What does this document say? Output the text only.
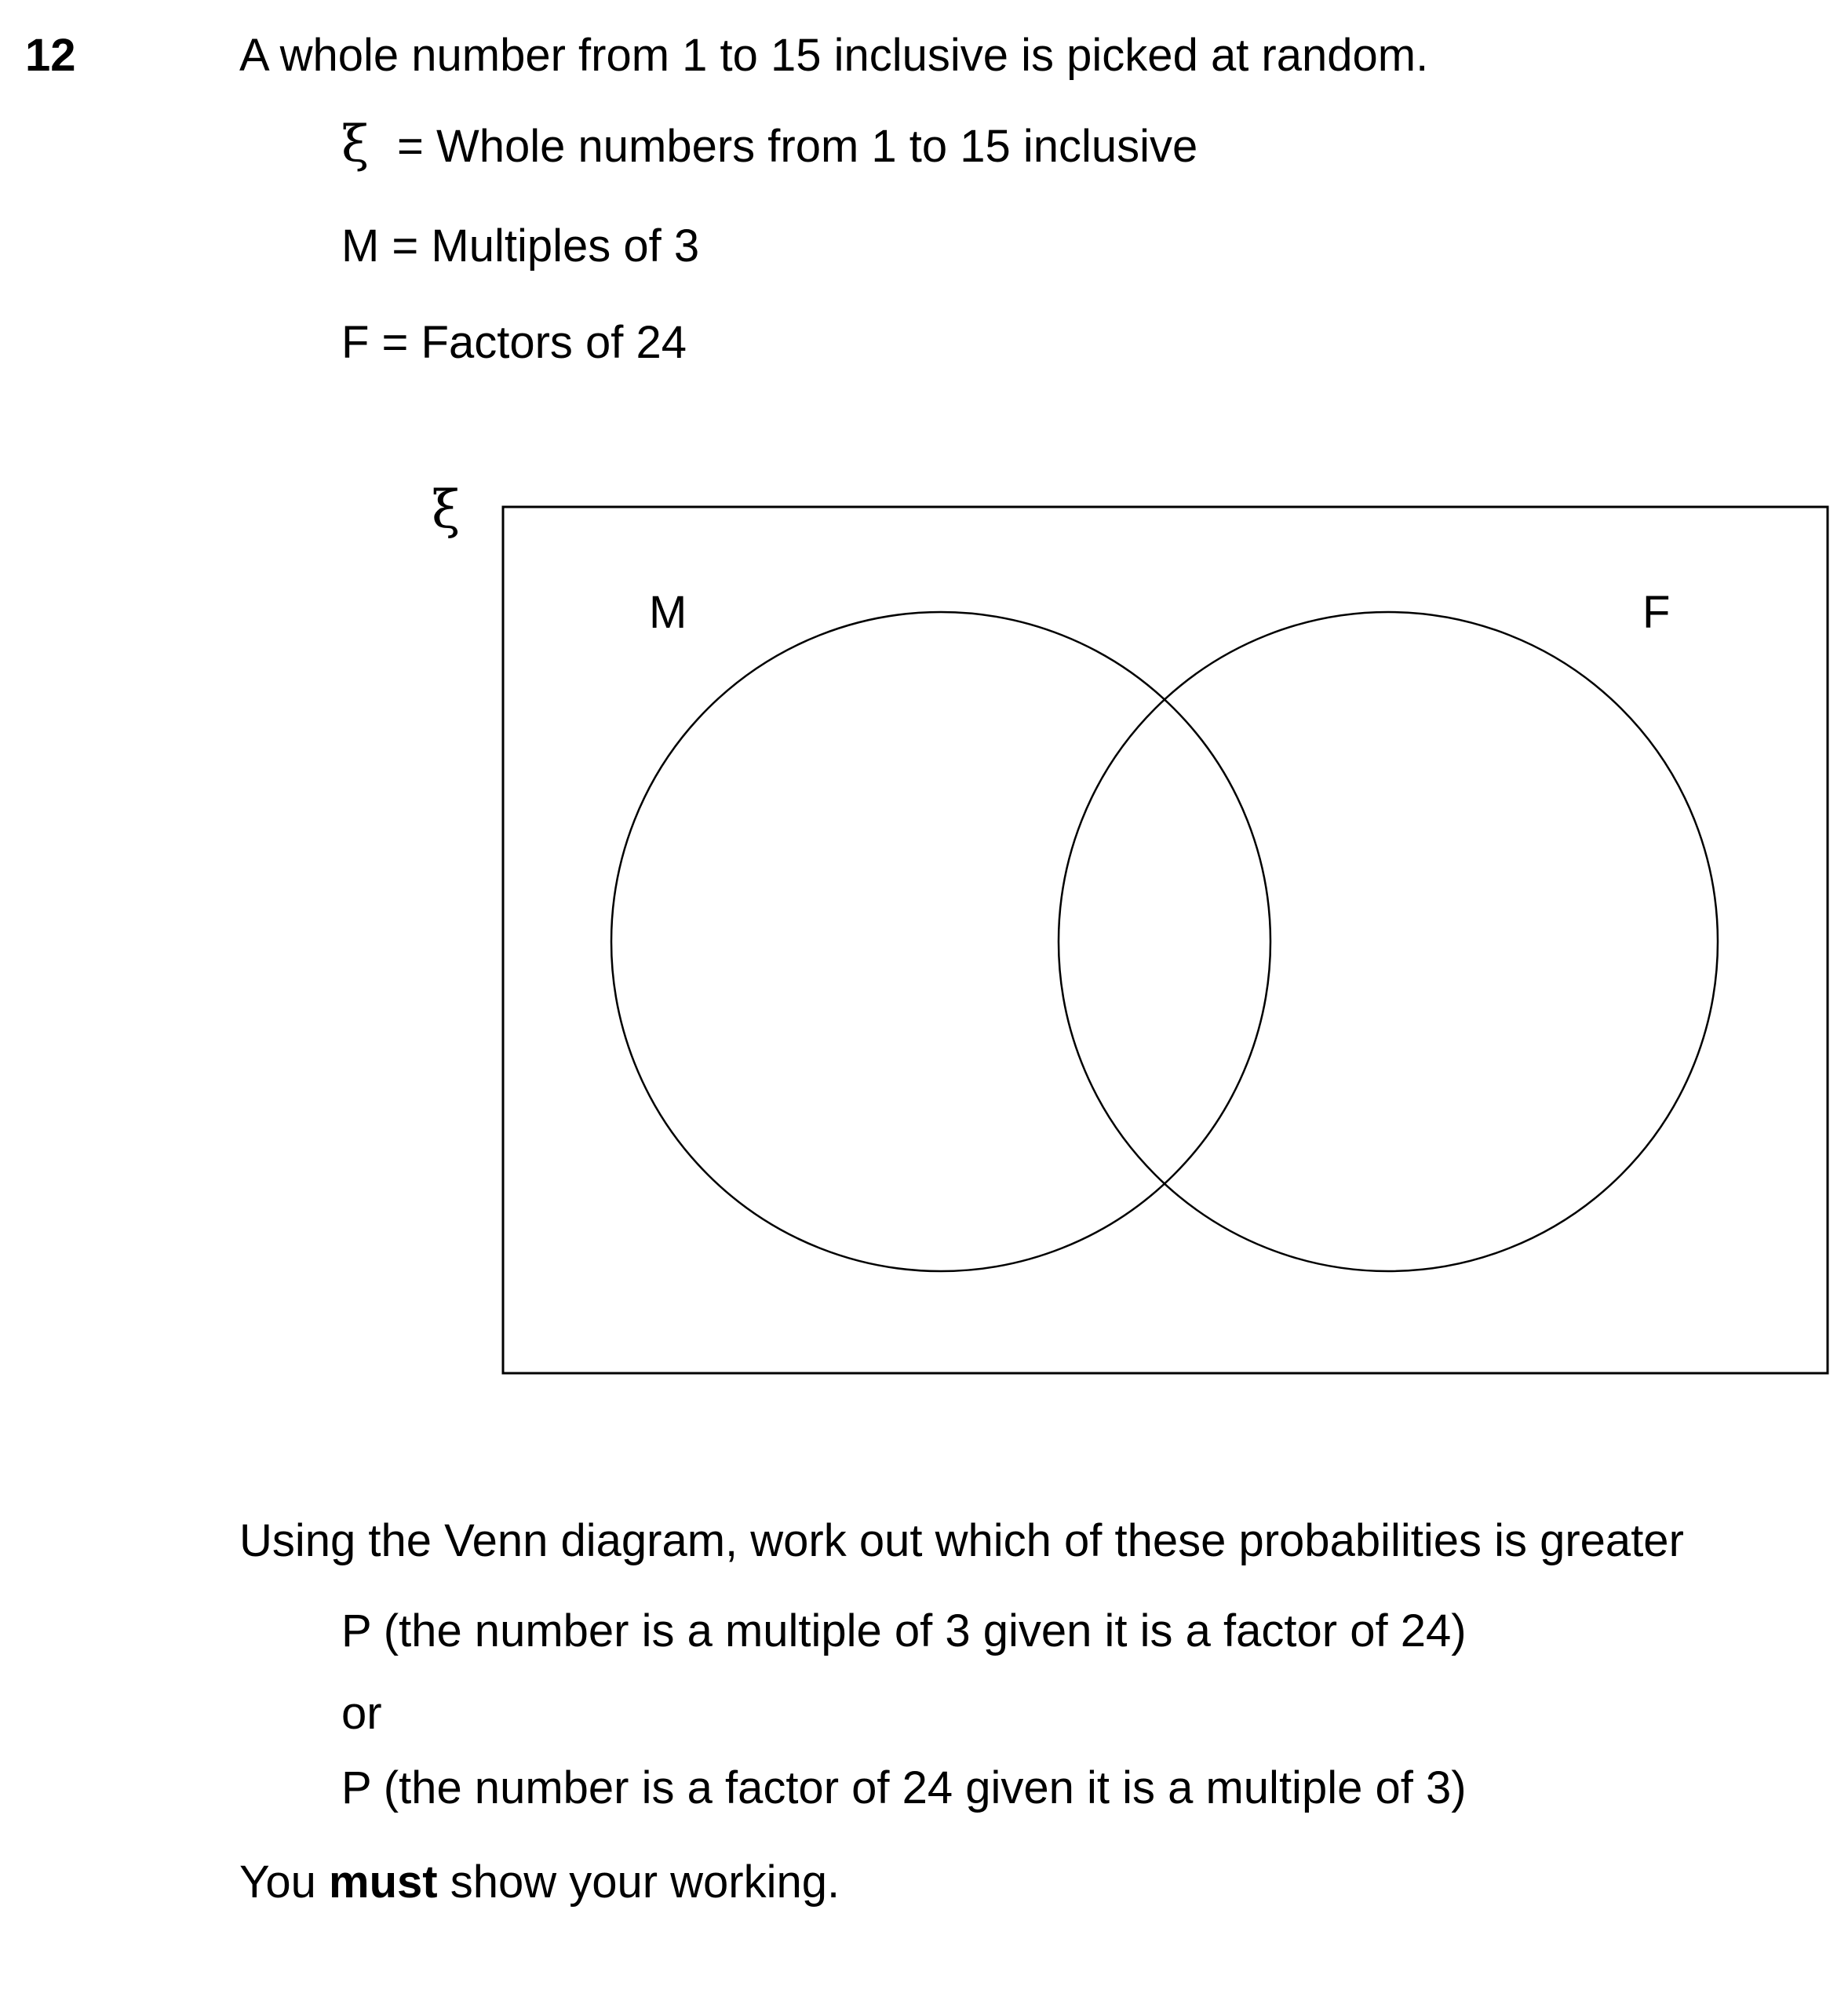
12	A whole number from 1 to 15 inclusive is picked at random.
ξ = Whole numbers from 1 to 15 inclusive
M = Multiples of 3
F = Factors of 24
ξ
M	F
Using the Venn diagram, work out which of these probabilities is greater
P (the number is a multiple of 3 given it is a factor of 24)
or
P (the number is a factor of 24 given it is a multiple of 3)
You must show your working.
